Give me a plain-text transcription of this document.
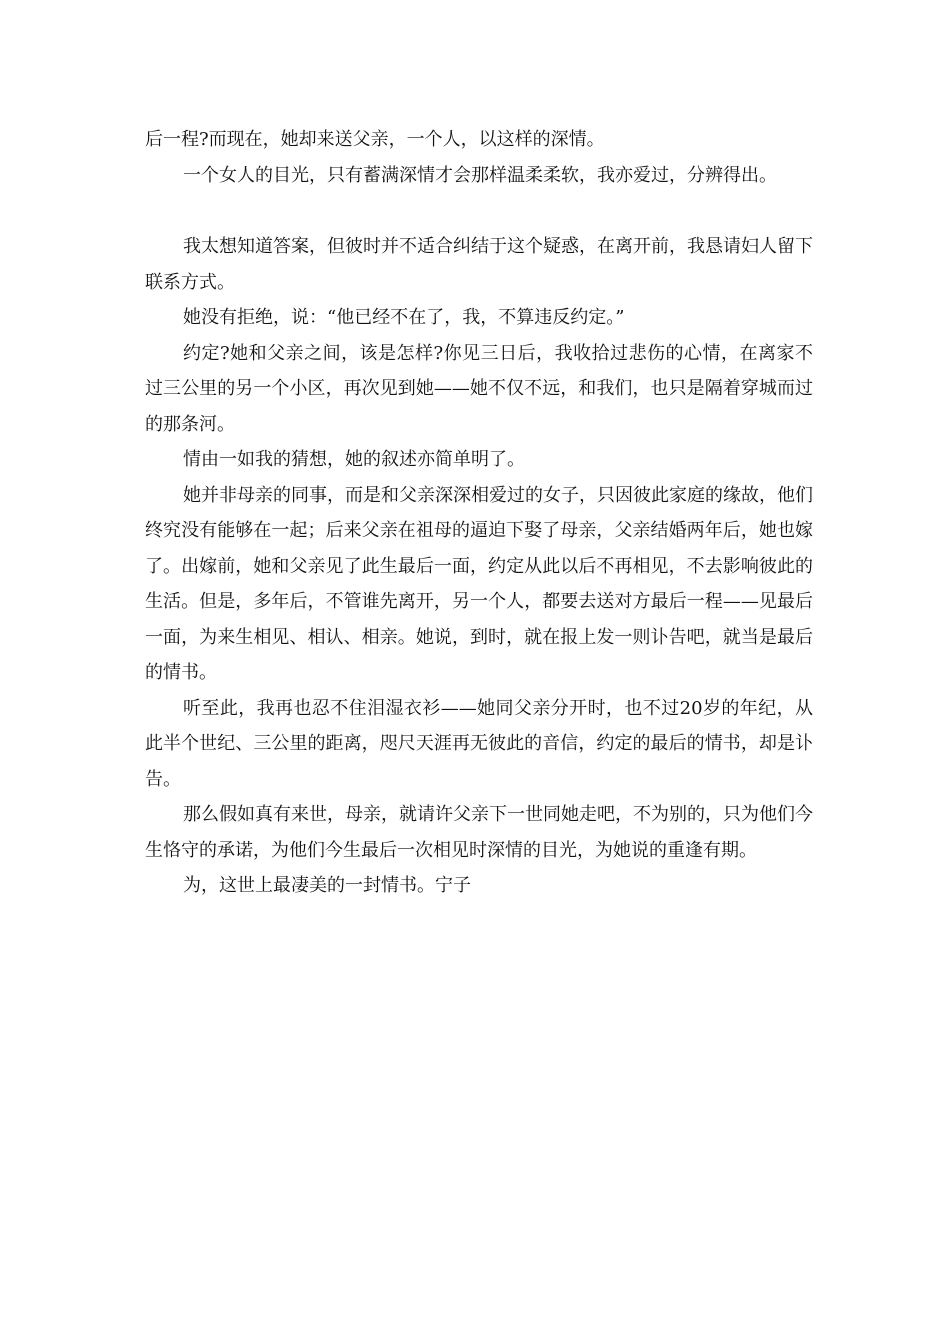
后一程?而现在，她却来送父亲，一个人，以这样的深情。

一个女人的目光，只有蓄满深情才会那样温柔柔软，我亦爱过，分辨得出。

我太想知道答案，但彼时并不适合纠结于这个疑惑，在离开前，我恳请妇人留下联系方式。

她没有拒绝，说：“他已经不在了，我，不算违反约定。”

约定?她和父亲之间，该是怎样?你见三日后，我收拾过悲伤的心情，在离家不过三公里的另一个小区，再次见到她——她不仅不远，和我们，也只是隔着穿城而过的那条河。

情由一如我的猜想，她的叙述亦简单明了。

她并非母亲的同事，而是和父亲深深相爱过的女子，只因彼此家庭的缘故，他们终究没有能够在一起；后来父亲在祖母的逼迫下娶了母亲，父亲结婚两年后，她也嫁了。出嫁前，她和父亲见了此生最后一面，约定从此以后不再相见，不去影响彼此的生活。但是，多年后，不管谁先离开，另一个人，都要去送对方最后一程——见最后一面，为来生相见、相认、相亲。她说，到时，就在报上发一则讣告吧，就当是最后的情书。

听至此，我再也忍不住泪湿衣衫——她同父亲分开时，也不过20岁的年纪，从此半个世纪、三公里的距离，咫尺天涯再无彼此的音信，约定的最后的情书，却是讣告。

那么假如真有来世，母亲，就请许父亲下一世同她走吧，不为别的，只为他们今生恪守的承诺，为他们今生最后一次相见时深情的目光，为她说的重逢有期。

为，这世上最凄美的一封情书。宁子
